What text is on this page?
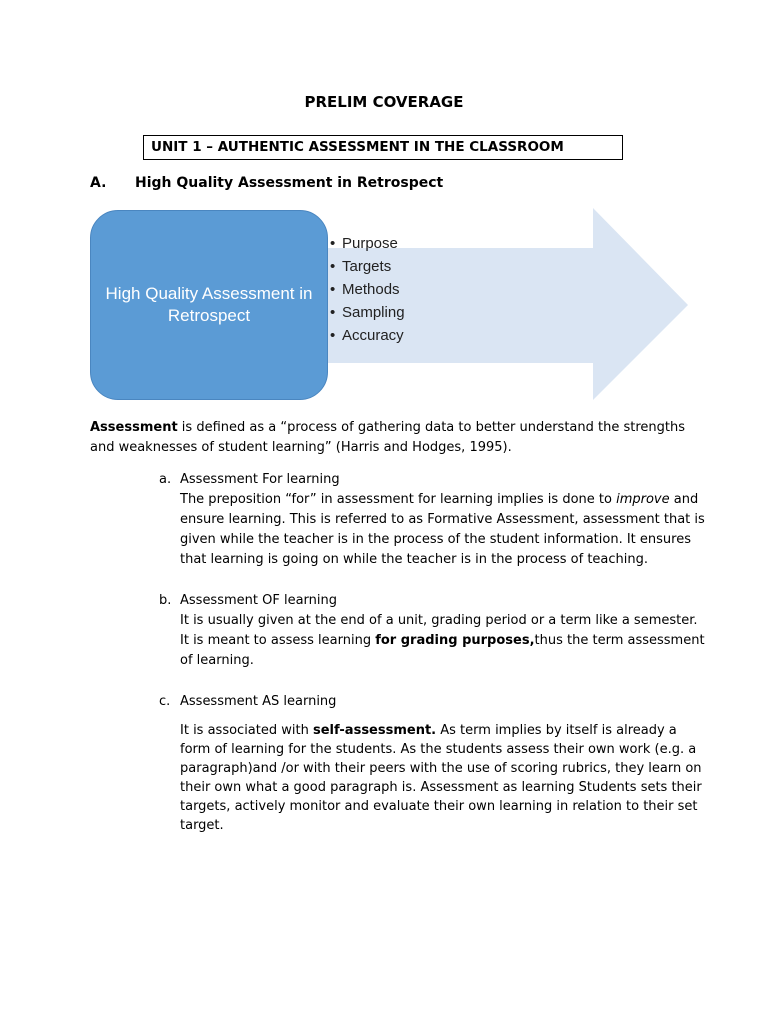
PRELIM COVERAGE
UNIT 1 – AUTHENTIC ASSESSMENT IN THE CLASSROOM
A. High Quality Assessment in Retrospect
High Quality Assessment in Retrospect
• Purpose
• Targets
• Methods
• Sampling
• Accuracy
Assessment is defined as a “process of gathering data to better understand the strengths and weaknesses of student learning” (Harris and Hodges, 1995).
a. Assessment For learning
The preposition “for” in assessment for learning implies is done to improve and ensure learning. This is referred to as Formative Assessment, assessment that is given while the teacher is in the process of the student information. It ensures that learning is going on while the teacher is in the process of teaching.
b. Assessment OF learning
It is usually given at the end of a unit, grading period or a term like a semester. It is meant to assess learning for grading purposes,thus the term assessment of learning.
c. Assessment AS learning
It is associated with self-assessment. As term implies by itself is already a form of learning for the students. As the students assess their own work (e.g. a paragraph)and /or with their peers with the use of scoring rubrics, they learn on their own what a good paragraph is. Assessment as learning Students sets their targets, actively monitor and evaluate their own learning in relation to their set target.
